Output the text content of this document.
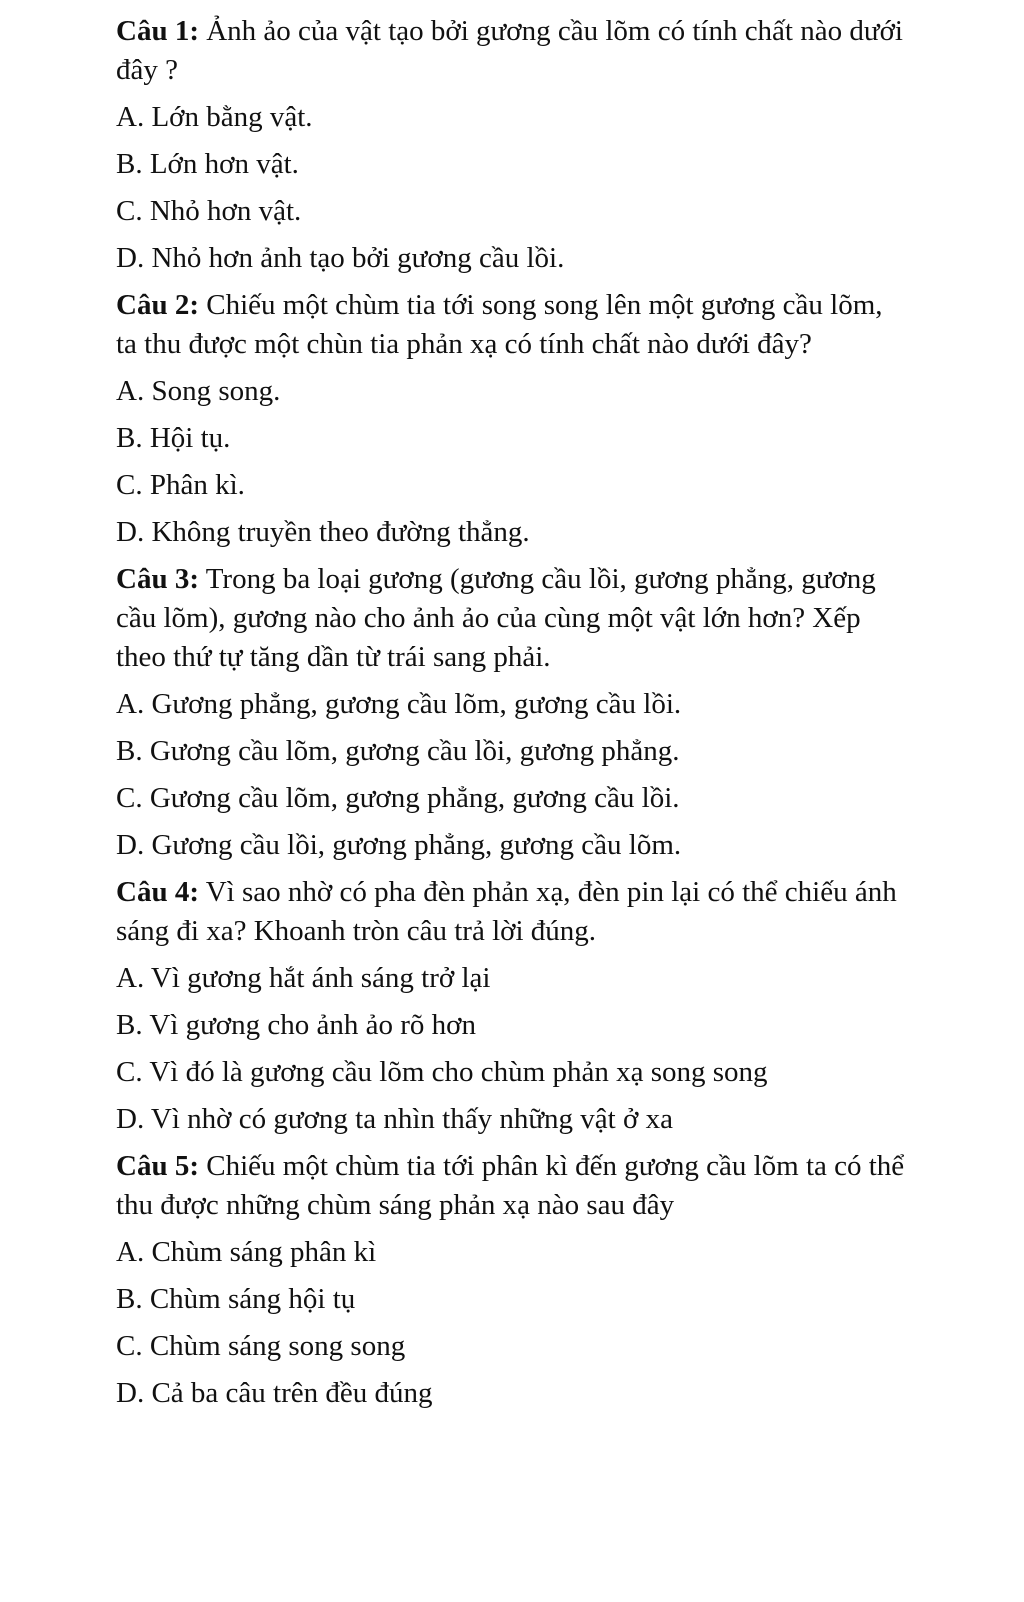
Câu 1: Ảnh ảo của vật tạo bởi gương cầu lõm có tính chất nào dưới đây ?

A. Lớn bằng vật.

B. Lớn hơn vật.

C. Nhỏ hơn vật.

D. Nhỏ hơn ảnh tạo bởi gương cầu lồi.

Câu 2: Chiếu một chùm tia tới song song lên một gương cầu lõm, ta thu được một chùn tia phản xạ có tính chất nào dưới đây?

A. Song song.

B. Hội tụ.

C. Phân kì.

D. Không truyền theo đường thẳng.

Câu 3: Trong ba loại gương (gương cầu lồi, gương phẳng, gương cầu lõm), gương nào cho ảnh ảo của cùng một vật lớn hơn? Xếp theo thứ tự tăng dần từ trái sang phải.

A. Gương phẳng, gương cầu lõm, gương cầu lồi.

B. Gương cầu lõm, gương cầu lồi, gương phẳng.

C. Gương cầu lõm, gương phẳng, gương cầu lồi.

D. Gương cầu lồi, gương phẳng, gương cầu lõm.

Câu 4: Vì sao nhờ có pha đèn phản xạ, đèn pin lại có thể chiếu ánh sáng đi xa? Khoanh tròn câu trả lời đúng.

A. Vì gương hắt ánh sáng trở lại

B. Vì gương cho ảnh ảo rõ hơn

C. Vì đó là gương cầu lõm cho chùm phản xạ song song

D. Vì nhờ có gương ta nhìn thấy những vật ở xa

Câu 5: Chiếu một chùm tia tới phân kì đến gương cầu lõm ta có thể thu được những chùm sáng phản xạ nào sau đây

A. Chùm sáng phân kì

B. Chùm sáng hội tụ

C. Chùm sáng song song

D. Cả ba câu trên đều đúng
